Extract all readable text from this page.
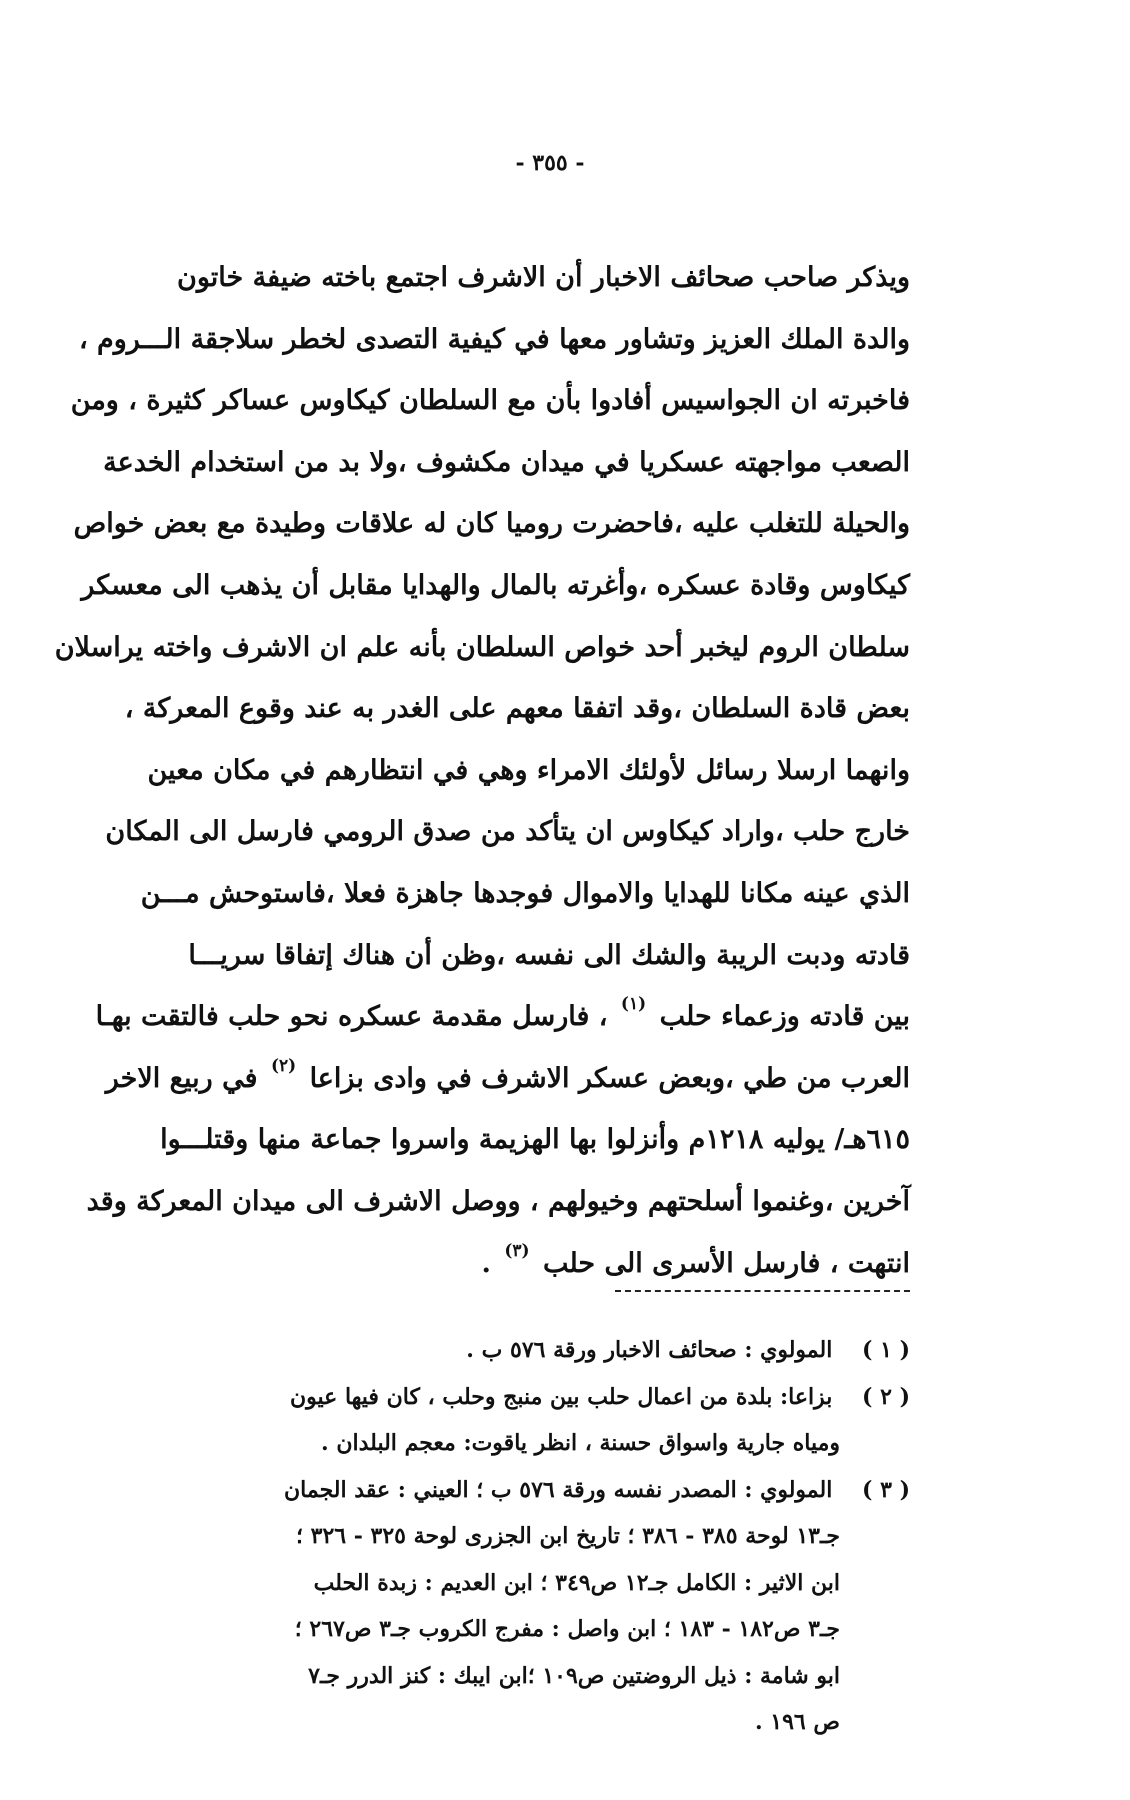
- ٣٥٥ -
ويذكر صاحب صحائف الاخبار أن الاشرف اجتمع باخته ضيفة خاتون
والدة الملك العزيز وتشاور معها في كيفية التصدى لخطر سلاجقة الـــروم ،
فاخبرته ان الجواسيس أفادوا بأن مع السلطان كيكاوس عساكر كثيرة ، ومن
الصعب مواجهته عسكريا في ميدان مكشوف ،ولا بد من استخدام الخدعة
والحيلة للتغلب عليه ،فاحضرت روميا كان له علاقات وطيدة مع بعض خواص
كيكاوس وقادة عسكره ،وأغرته بالمال والهدايا مقابل أن يذهب الى معسكر
سلطان الروم ليخبر أحد خواص السلطان بأنه علم ان الاشرف واخته يراسلان
بعض قادة السلطان ،وقد اتفقا معهم على الغدر به عند وقوع المعركة ،
وانهما ارسلا رسائل لأولئك الامراء وهي في انتظارهم في مكان معين
خارج حلب ،واراد كيكاوس ان يتأكد من صدق الرومي فارسل الى المكان
الذي عينه مكانا للهدايا والاموال فوجدها جاهزة فعلا ،فاستوحش مـــن
قادته ودبت الريبة والشك الى نفسه ،وظن أن هناك إتفاقا سريـــا
بين قادته وزعماء حلب $^{(١)}$ ، فارسل مقدمة عسكره نحو حلب فالتقت بهـا
العرب من طي ،وبعض عسكر الاشرف في وادى بزاعا $^{(٢)}$ في ربيع الاخر
٦١٥هـ/ يوليه ١٢١٨م وأنزلوا بها الهزيمة واسروا جماعة منها وقتلـــوا
آخرين ،وغنموا أسلحتهم وخيولهم ، ووصل الاشرف الى ميدان المعركة وقد
انتهت ، فارسل الأسرى الى حلب $^{(٣)}$ .
( ١ ) المولوي : صحائف الاخبار ورقة ٥٧٦ ب .
( ٢ ) بزاعا: بلدة من اعمال حلب بين منبج وحلب ، كان فيها عيون
ومياه جارية واسواق حسنة ، انظر ياقوت: معجم البلدان .
( ٣ ) المولوي : المصدر نفسه ورقة ٥٧٦ ب ؛ العيني : عقد الجمان
جـ١٣ لوحة ٣٨٥ - ٣٨٦ ؛ تاريخ ابن الجزرى لوحة ٣٢٥ - ٣٢٦ ؛
ابن الاثير : الكامل جـ١٢ ص٣٤٩ ؛ ابن العديم : زبدة الحلب
جـ٣ ص١٨٢ - ١٨٣ ؛ ابن واصل : مفرج الكروب جـ٣ ص٢٦٧ ؛
ابو شامة : ذيل الروضتين ص١٠٩ ؛ابن ايبك : كنز الدرر جـ٧
ص ١٩٦ .
